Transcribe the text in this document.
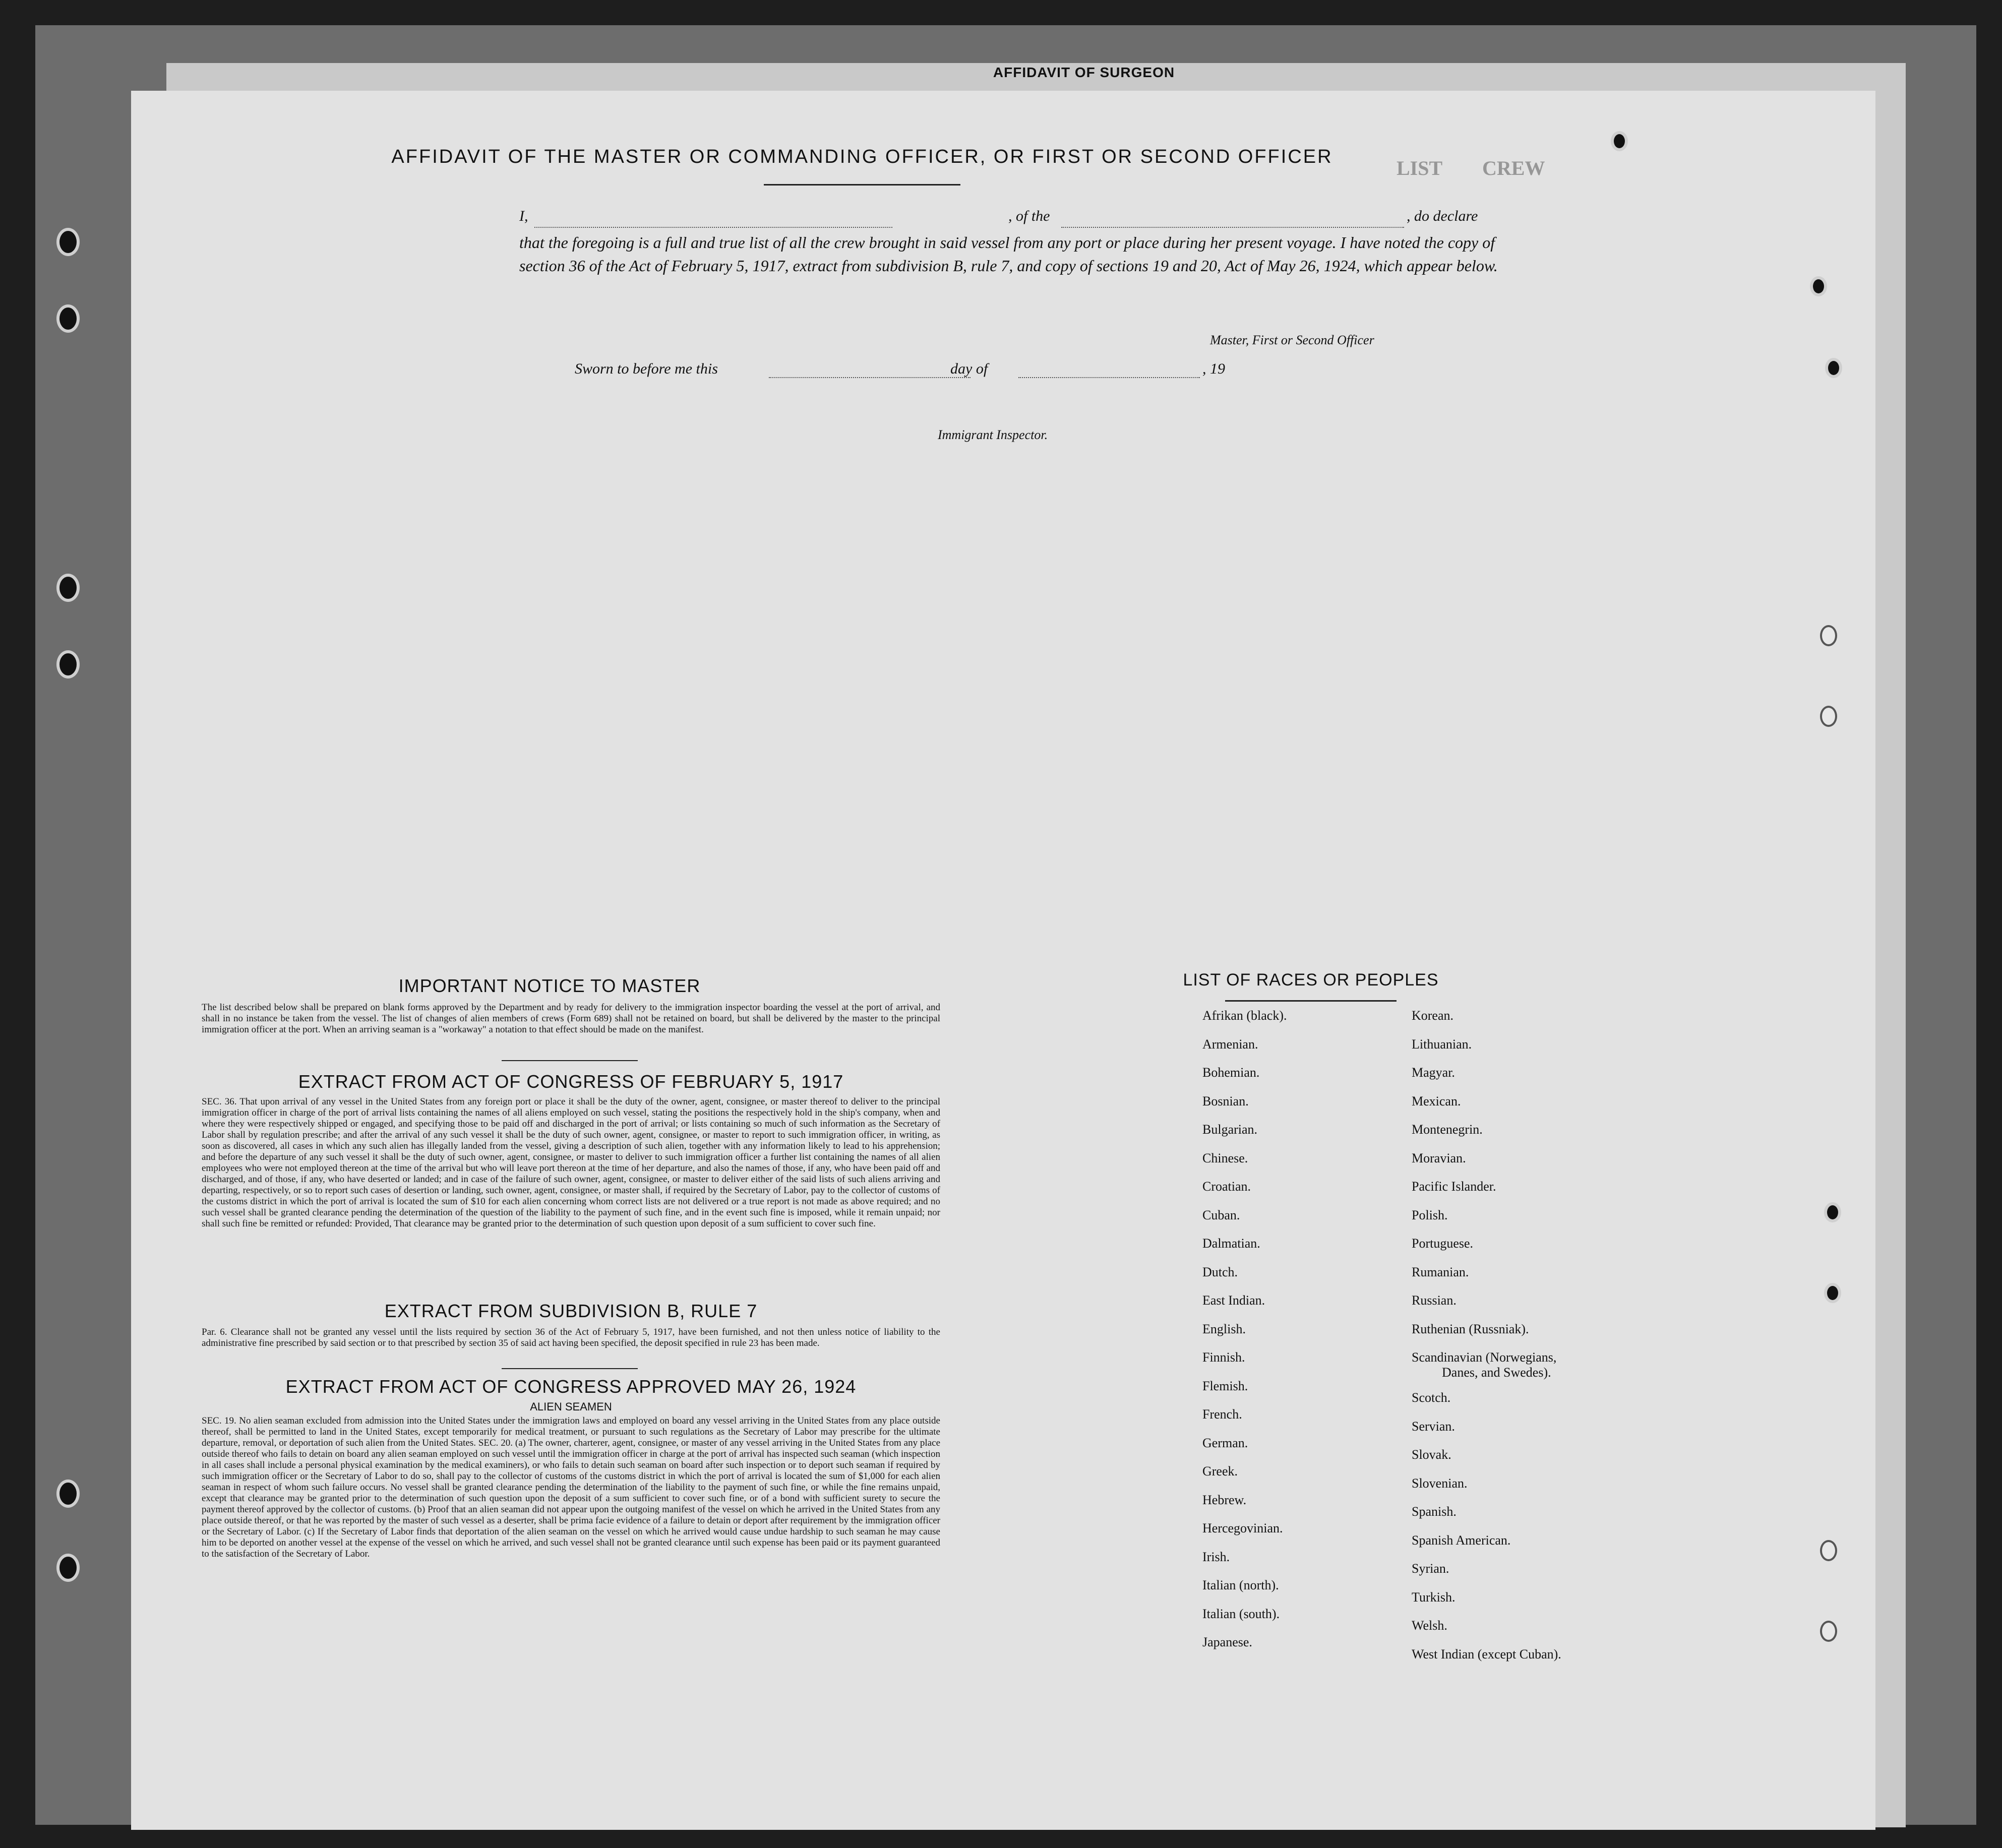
AFFIDAVIT OF SURGEON
LIST CREW
AFFIDAVIT OF THE MASTER OR COMMANDING OFFICER, OR FIRST OR SECOND OFFICER
I,	, of the	, do declare
that the foregoing is a full and true list of all the crew brought in said vessel from any port or place during her present voyage. I have noted the copy of section 36 of the Act of February 5, 1917, extract from subdivision B, rule 7, and copy of sections 19 and 20, Act of May 26, 1924, which appear below.
Master, First or Second Officer
Sworn to before me this	day of	, 19
Immigrant Inspector.
IMPORTANT NOTICE TO MASTER
The list described below shall be prepared on blank forms approved by the Department and by ready for delivery to the immigration inspector boarding the vessel at the port of arrival, and shall in no instance be taken from the vessel. The list of changes of alien members of crews (Form 689) shall not be retained on board, but shall be delivered by the master to the principal immigration officer at the port. When an arriving seaman is a "workaway" a notation to that effect should be made on the manifest.
EXTRACT FROM ACT OF CONGRESS OF FEBRUARY 5, 1917
SEC. 36. That upon arrival of any vessel in the United States from any foreign port or place it shall be the duty of the owner, agent, consignee, or master thereof to deliver to the principal immigration officer in charge of the port of arrival lists containing the names of all aliens employed on such vessel, stating the positions the respectively hold in the ship's company, when and where they were respectively shipped or engaged, and specifying those to be paid off and discharged in the port of arrival; or lists containing so much of such information as the Secretary of Labor shall by regulation prescribe; and after the arrival of any such vessel it shall be the duty of such owner, agent, consignee, or master to report to such immigration officer, in writing, as soon as discovered, all cases in which any such alien has illegally landed from the vessel, giving a description of such alien, together with any information likely to lead to his apprehension; and before the departure of any such vessel it shall be the duty of such owner, agent, consignee, or master to deliver to such immigration officer a further list containing the names of all alien employees who were not employed thereon at the time of the arrival but who will leave port thereon at the time of her departure, and also the names of those, if any, who have been paid off and discharged, and of those, if any, who have deserted or landed; and in case of the failure of such owner, agent, consignee, or master to deliver either of the said lists of such aliens arriving and departing, respectively, or so to report such cases of desertion or landing, such owner, agent, consignee, or master shall, if required by the Secretary of Labor, pay to the collector of customs of the customs district in which the port of arrival is located the sum of $10 for each alien concerning whom correct lists are not delivered or a true report is not made as above required; and no such vessel shall be granted clearance pending the determination of the question of the liability to the payment of such fine, and in the event such fine is imposed, while it remain unpaid; nor shall such fine be remitted or refunded: Provided, That clearance may be granted prior to the determination of such question upon deposit of a sum sufficient to cover such fine.
EXTRACT FROM SUBDIVISION B, RULE 7
Par. 6. Clearance shall not be granted any vessel until the lists required by section 36 of the Act of February 5, 1917, have been furnished, and not then unless notice of liability to the administrative fine prescribed by said section or to that prescribed by section 35 of said act having been specified, the deposit specified in rule 23 has been made.
EXTRACT FROM ACT OF CONGRESS APPROVED MAY 26, 1924
ALIEN SEAMEN
SEC. 19. No alien seaman excluded from admission into the United States under the immigration laws and employed on board any vessel arriving in the United States from any place outside thereof, shall be permitted to land in the United States, except temporarily for medical treatment, or pursuant to such regulations as the Secretary of Labor may prescribe for the ultimate departure, removal, or deportation of such alien from the United States. SEC. 20. (a) The owner, charterer, agent, consignee, or master of any vessel arriving in the United States from any place outside thereof who fails to detain on board any alien seaman employed on such vessel until the immigration officer in charge at the port of arrival has inspected such seaman (which inspection in all cases shall include a personal physical examination by the medical examiners), or who fails to detain such seaman on board after such inspection or to deport such seaman if required by such immigration officer or the Secretary of Labor to do so, shall pay to the collector of customs of the customs district in which the port of arrival is located the sum of $1,000 for each alien seaman in respect of whom such failure occurs. No vessel shall be granted clearance pending the determination of the liability to the payment of such fine, or while the fine remains unpaid, except that clearance may be granted prior to the determination of such question upon the deposit of a sum sufficient to cover such fine, or of a bond with sufficient surety to secure the payment thereof approved by the collector of customs. (b) Proof that an alien seaman did not appear upon the outgoing manifest of the vessel on which he arrived in the United States from any place outside thereof, or that he was reported by the master of such vessel as a deserter, shall be prima facie evidence of a failure to detain or deport after requirement by the immigration officer or the Secretary of Labor. (c) If the Secretary of Labor finds that deportation of the alien seaman on the vessel on which he arrived would cause undue hardship to such seaman he may cause him to be deported on another vessel at the expense of the vessel on which he arrived, and such vessel shall not be granted clearance until such expense has been paid or its payment guaranteed to the satisfaction of the Secretary of Labor.
LIST OF RACES OR PEOPLES
Afrikan (black).
Armenian.
Bohemian.
Bosnian.
Bulgarian.
Chinese.
Croatian.
Cuban.
Dalmatian.
Dutch.
East Indian.
English.
Finnish.
Flemish.
French.
German.
Greek.
Hebrew.
Hercegovinian.
Irish.
Italian (north).
Italian (south).
Japanese.
Korean.
Lithuanian.
Magyar.
Mexican.
Montenegrin.
Moravian.
Pacific Islander.
Polish.
Portuguese.
Rumanian.
Russian.
Ruthenian (Russniak).
Scandinavian (Norwegians,
Danes, and Swedes).
Scotch.
Servian.
Slovak.
Slovenian.
Spanish.
Spanish American.
Syrian.
Turkish.
Welsh.
West Indian (except Cuban).
